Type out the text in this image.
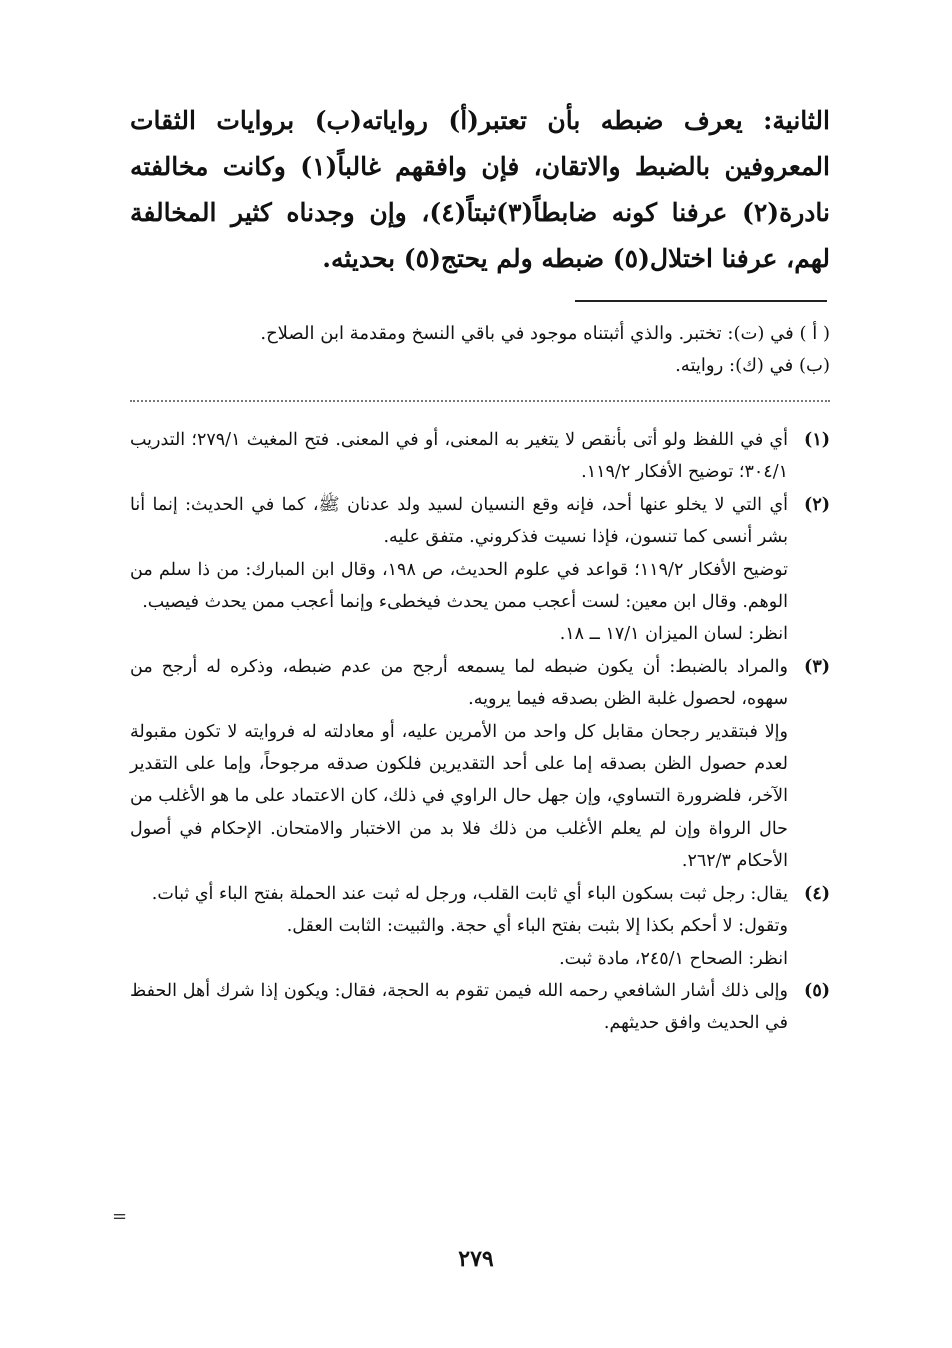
الثانية: يعرف ضبطه بأن تعتبر(أ) رواياته(ب) بروايات الثقات المعروفين بالضبط والاتقان، فإن وافقهم غالباً(١) وكانت مخالفته نادرة(٢) عرفنا كونه ضابطاً(٣)ثبتاً(٤)، وإن وجدناه كثير المخالفة لهم، عرفنا اختلال(٥) ضبطه ولم يحتج(٥) بحديثه.
( أ ) في (ت): تختبر. والذي أثبتناه موجود في باقي النسخ ومقدمة ابن الصلاح.
(ب) في (ك): روايته.
(١)

أي في اللفظ ولو أتى بأنقص لا يتغير به المعنى، أو في المعنى. فتح المغيث ٢٧٩/١؛ التدريب ٣٠٤/١؛ توضيح الأفكار ١١٩/٢.

(٢)

أي التي لا يخلو عنها أحد، فإنه وقع النسيان لسيد ولد عدنان ﷺ، كما في الحديث: إنما أنا بشر أنسى كما تنسون، فإذا نسيت فذكروني. متفق عليه.

توضيح الأفكار ١١٩/٢؛ قواعد في علوم الحديث، ص ١٩٨، وقال ابن المبارك: من ذا سلم من الوهم. وقال ابن معين: لست أعجب ممن يحدث فيخطىء وإنما أعجب ممن يحدث فيصيب.

انظر: لسان الميزان ١٧/١ ــ ١٨.

(٣)

والمراد بالضبط: أن يكون ضبطه لما يسمعه أرجح من عدم ضبطه، وذكره له أرجح من سهوه، لحصول غلبة الظن بصدقه فيما يرويه.

وإلا فبتقدير رجحان مقابل كل واحد من الأمرين عليه، أو معادلته له فروايته لا تكون مقبولة لعدم حصول الظن بصدقه إما على أحد التقديرين فلكون صدقه مرجوحاً، وإما على التقدير الآخر، فلضرورة التساوي، وإن جهل حال الراوي في ذلك، كان الاعتماد على ما هو الأغلب من حال الرواة وإن لم يعلم الأغلب من ذلك فلا بد من الاختبار والامتحان. الإحكام في أصول الأحكام ٢٦٢/٣.

(٤)

يقال: رجل ثبت بسكون الباء أي ثابت القلب، ورجل له ثبت عند الحملة بفتح الباء أي ثبات.

وتقول: لا أحكم بكذا إلا بثبت بفتح الباء أي حجة. والثبيت: الثابت العقل.

انظر: الصحاح ٢٤٥/١، مادة ثبت.

(٥)

وإلى ذلك أشار الشافعي رحمه الله فيمن تقوم به الحجة، فقال: ويكون إذا شرك أهل الحفظ في الحديث وافق حديثهم.

=
٢٧٩
